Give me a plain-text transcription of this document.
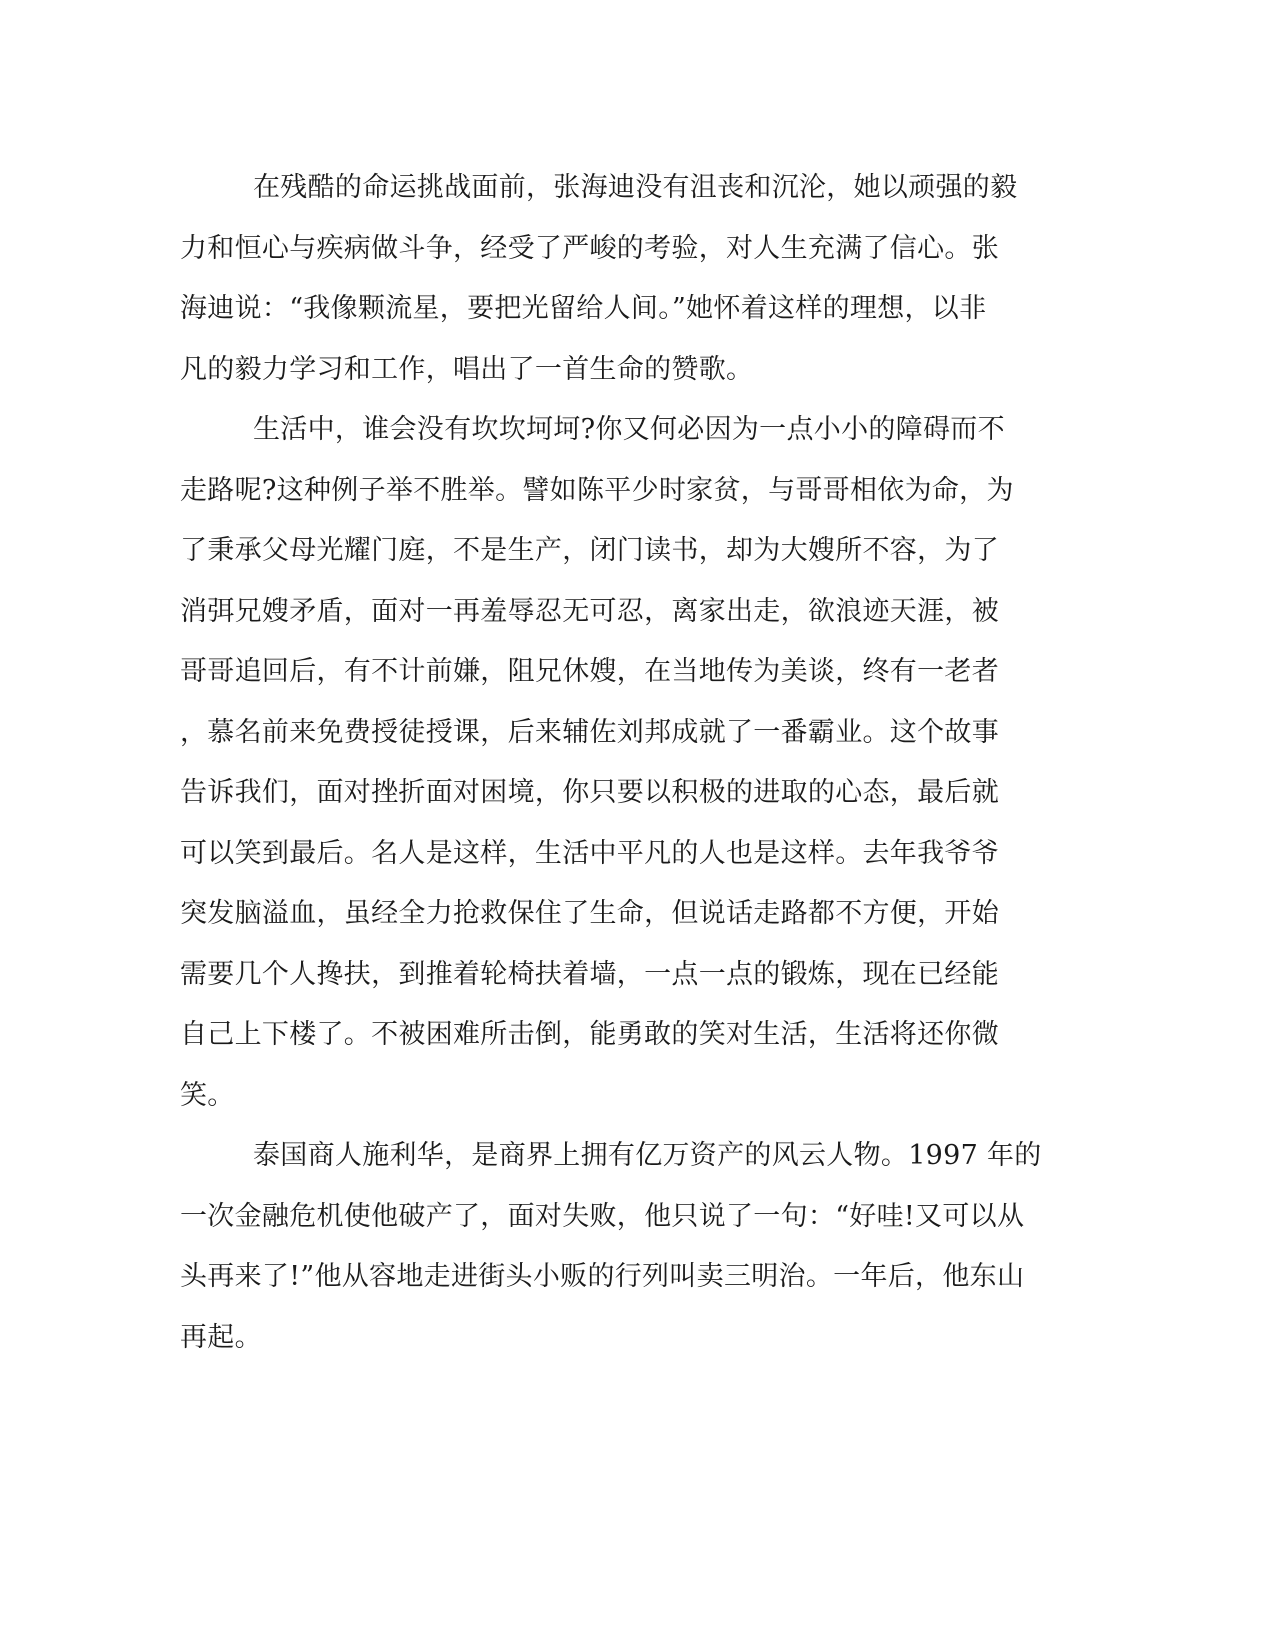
在残酷的命运挑战面前，张海迪没有沮丧和沉沦，她以顽强的毅
力和恒心与疾病做斗争，经受了严峻的考验，对人生充满了信心。张
海迪说：“我像颗流星，要把光留给人间。”她怀着这样的理想，以非
凡的毅力学习和工作，唱出了一首生命的赞歌。
生活中，谁会没有坎坎坷坷?你又何必因为一点小小的障碍而不
走路呢?这种例子举不胜举。譬如陈平少时家贫，与哥哥相依为命，为
了秉承父母光耀门庭，不是生产，闭门读书，却为大嫂所不容，为了
消弭兄嫂矛盾，面对一再羞辱忍无可忍，离家出走，欲浪迹天涯，被
哥哥追回后，有不计前嫌，阻兄休嫂，在当地传为美谈，终有一老者
，慕名前来免费授徒授课，后来辅佐刘邦成就了一番霸业。这个故事
告诉我们，面对挫折面对困境，你只要以积极的进取的心态，最后就
可以笑到最后。名人是这样，生活中平凡的人也是这样。去年我爷爷
突发脑溢血，虽经全力抢救保住了生命，但说话走路都不方便，开始
需要几个人搀扶，到推着轮椅扶着墙，一点一点的锻炼，现在已经能
自己上下楼了。不被困难所击倒，能勇敢的笑对生活，生活将还你微
笑。
泰国商人施利华，是商界上拥有亿万资产的风云人物。1997 年的
一次金融危机使他破产了，面对失败，他只说了一句：“好哇!又可以从
头再来了!”他从容地走进街头小贩的行列叫卖三明治。一年后，他东山
再起。
